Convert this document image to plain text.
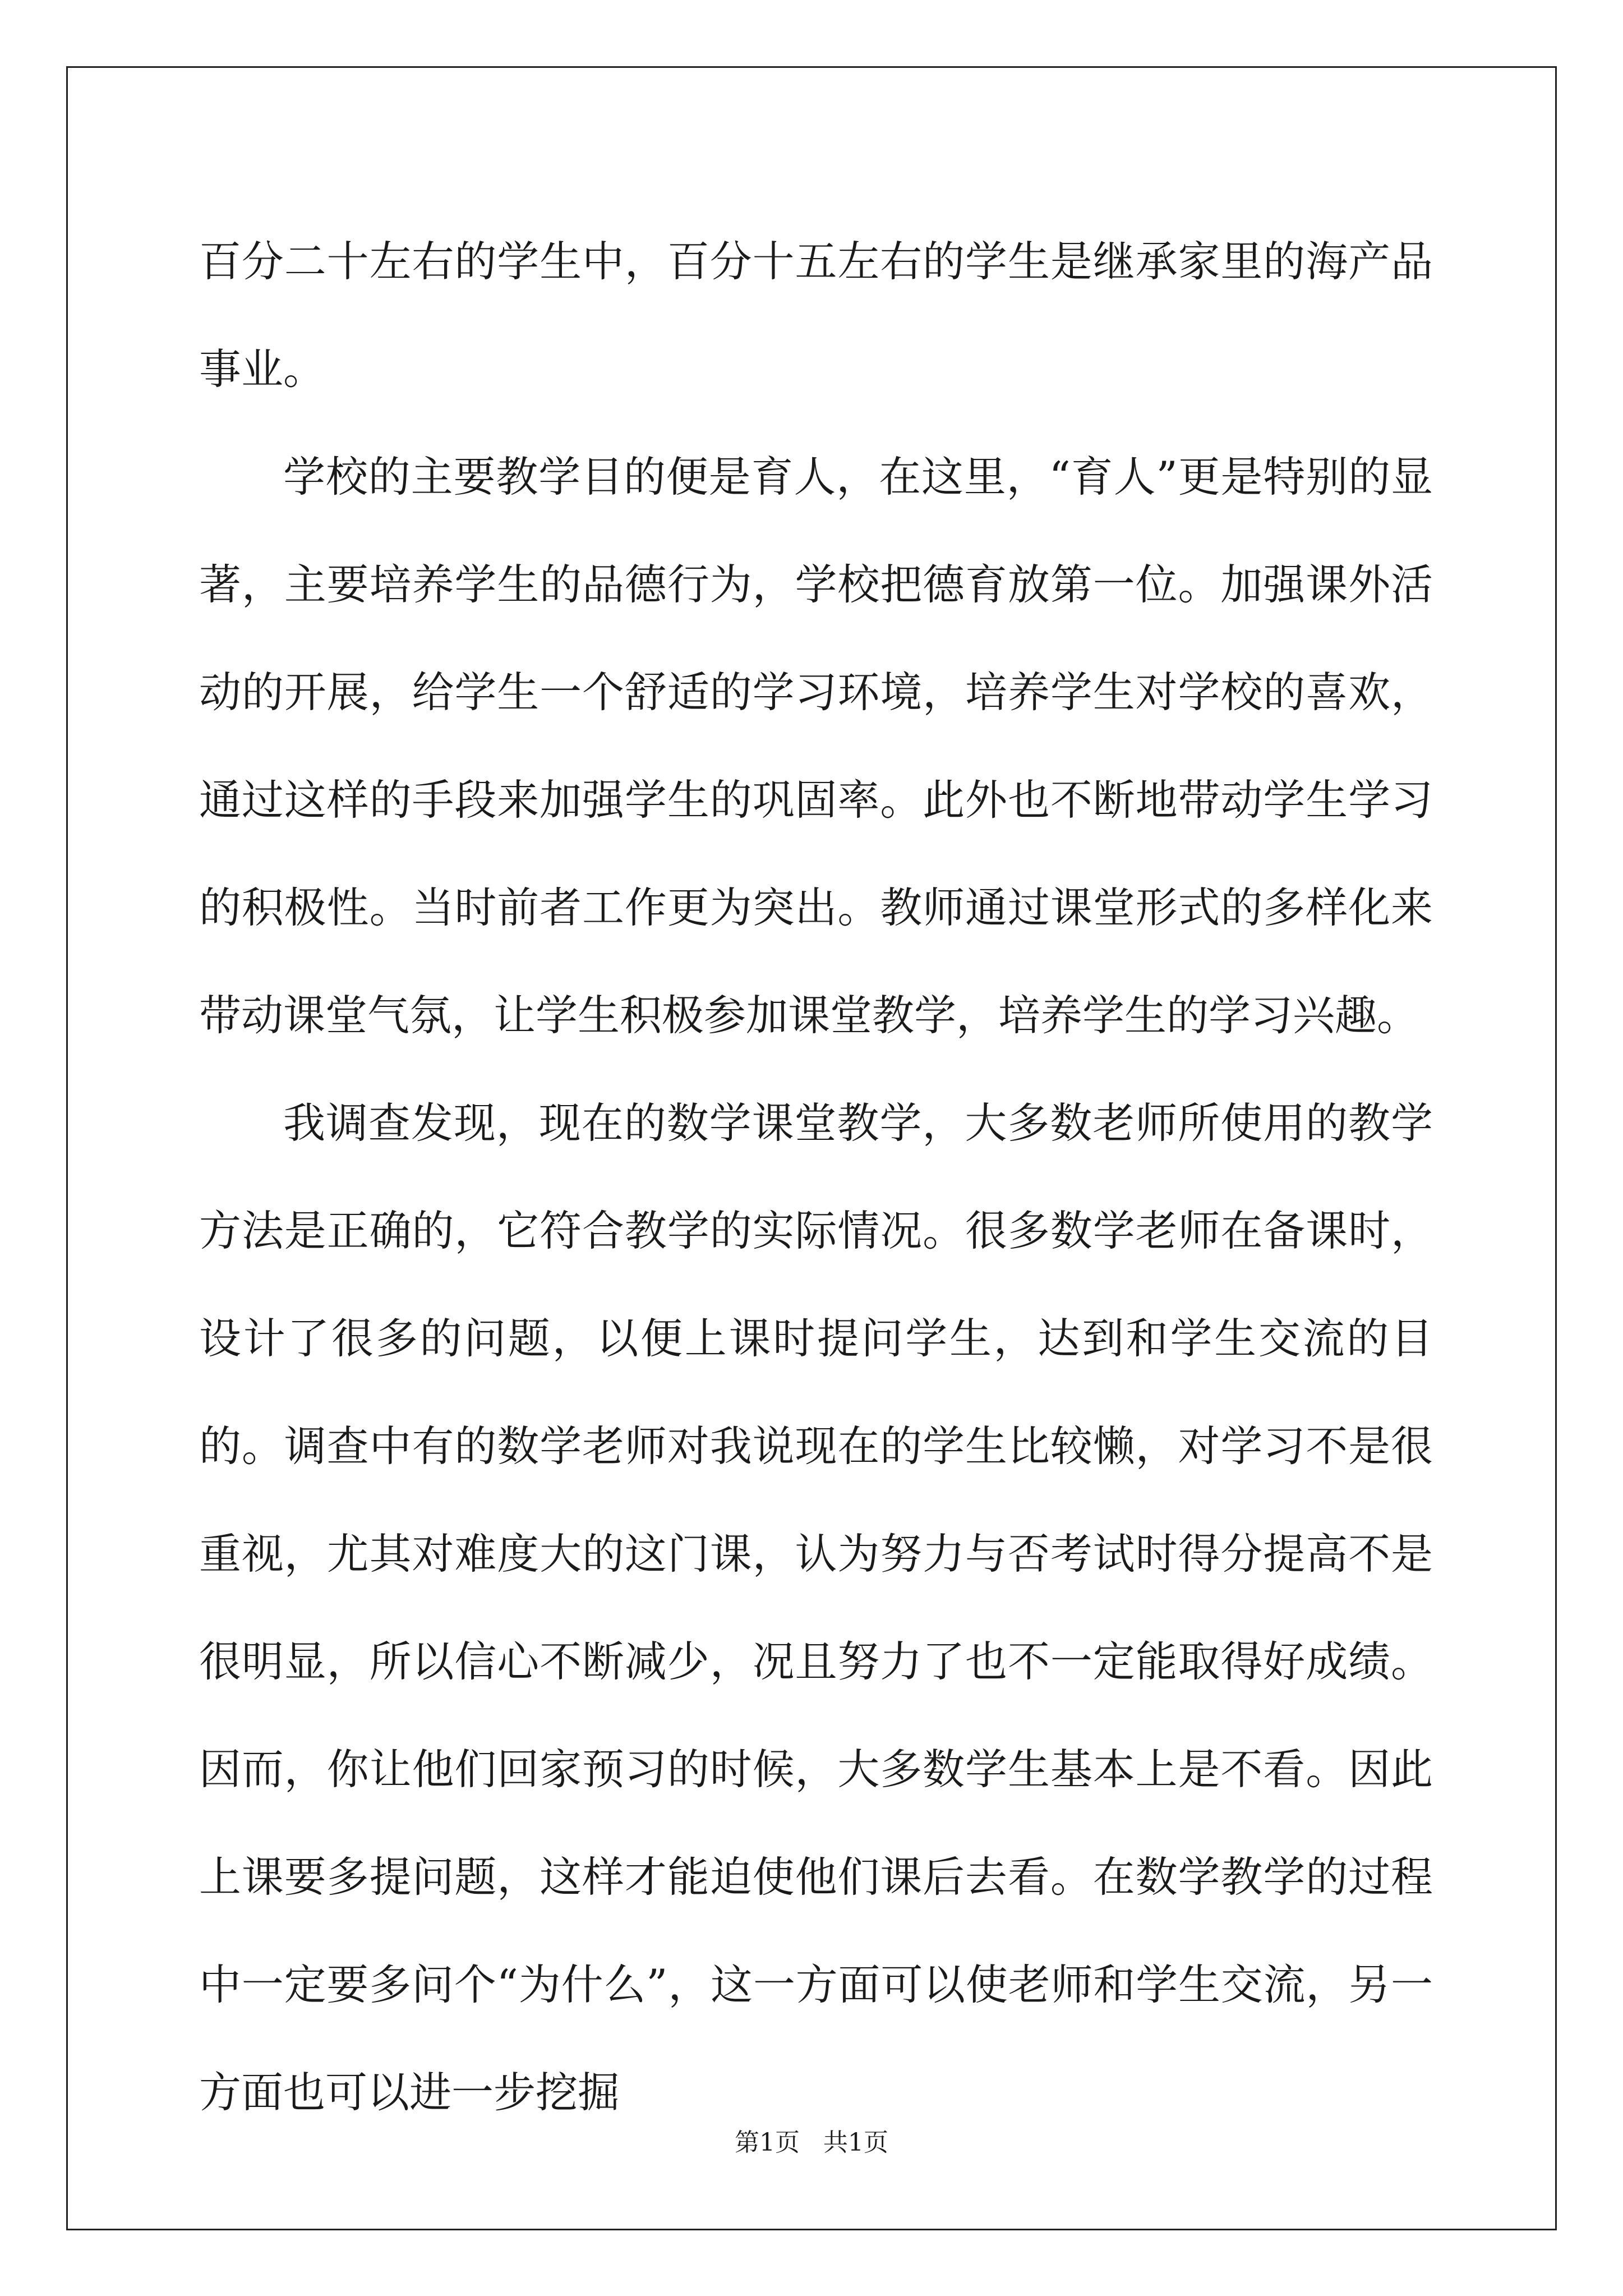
百分二十左右的学生中，百分十五左右的学生是继承家里的海产品事业。

学校的主要教学目的便是育人，在这里，“育人”更是特别的显著，主要培养学生的品德行为，学校把德育放第一位。加强课外活动的开展，给学生一个舒适的学习环境，培养学生对学校的喜欢，通过这样的手段来加强学生的巩固率。此外也不断地带动学生学习的积极性。当时前者工作更为突出。教师通过课堂形式的多样化来带动课堂气氛，让学生积极参加课堂教学，培养学生的学习兴趣。

我调查发现，现在的数学课堂教学，大多数老师所使用的教学方法是正确的，它符合教学的实际情况。很多数学老师在备课时，设计了很多的问题，以便上课时提问学生，达到和学生交流的目的。调查中有的数学老师对我说现在的学生比较懒，对学习不是很重视，尤其对难度大的这门课，认为努力与否考试时得分提高不是很明显，所以信心不断减少，况且努力了也不一定能取得好成绩。因而，你让他们回家预习的时候，大多数学生基本上是不看。因此上课要多提问题，这样才能迫使他们课后去看。在数学教学的过程中一定要多问个“为什么”，这一方面可以使老师和学生交流，另一方面也可以进一步挖掘

第1页 共1页
